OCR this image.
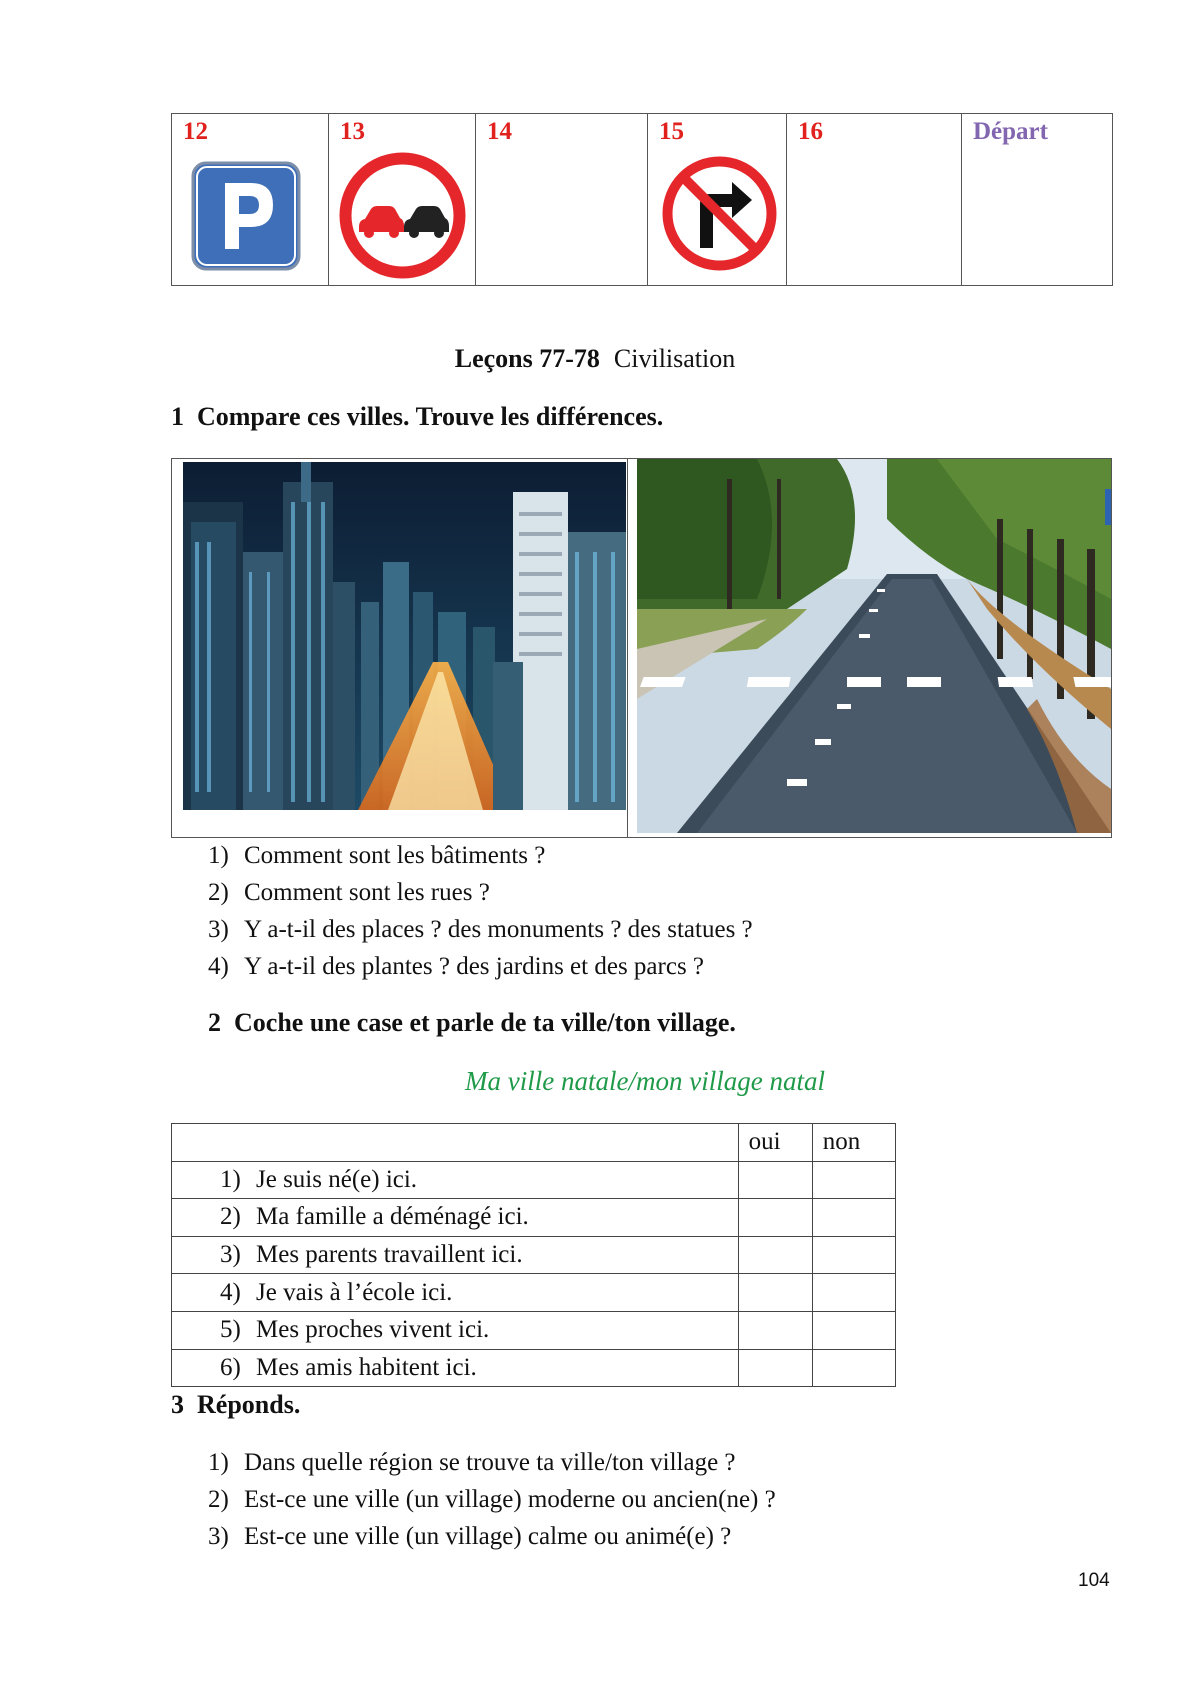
12	13	14	15	16	Départ
Leçons 77-78 Civilisation
1 Compare ces villes. Trouve les différences.
1) Comment sont les bâtiments ?
2) Comment sont les rues ?
3) Y a-t-il des places ? des monuments ? des statues ?
4) Y a-t-il des plantes ? des jardins et des parcs ?
2 Coche une case et parle de ta ville/ton village.
Ma ville natale/mon village natal
	oui	non
1) Je suis né(e) ici.		
2) Ma famille a déménagé ici.		
3) Mes parents travaillent ici.		
4) Je vais à l’école ici.		
5) Mes proches vivent ici.		
6) Mes amis habitent ici.		
3 Réponds.
1) Dans quelle région se trouve ta ville/ton village ?
2) Est-ce une ville (un village) moderne ou ancien(ne) ?
3) Est-ce une ville (un village) calme ou animé(e) ?
104
